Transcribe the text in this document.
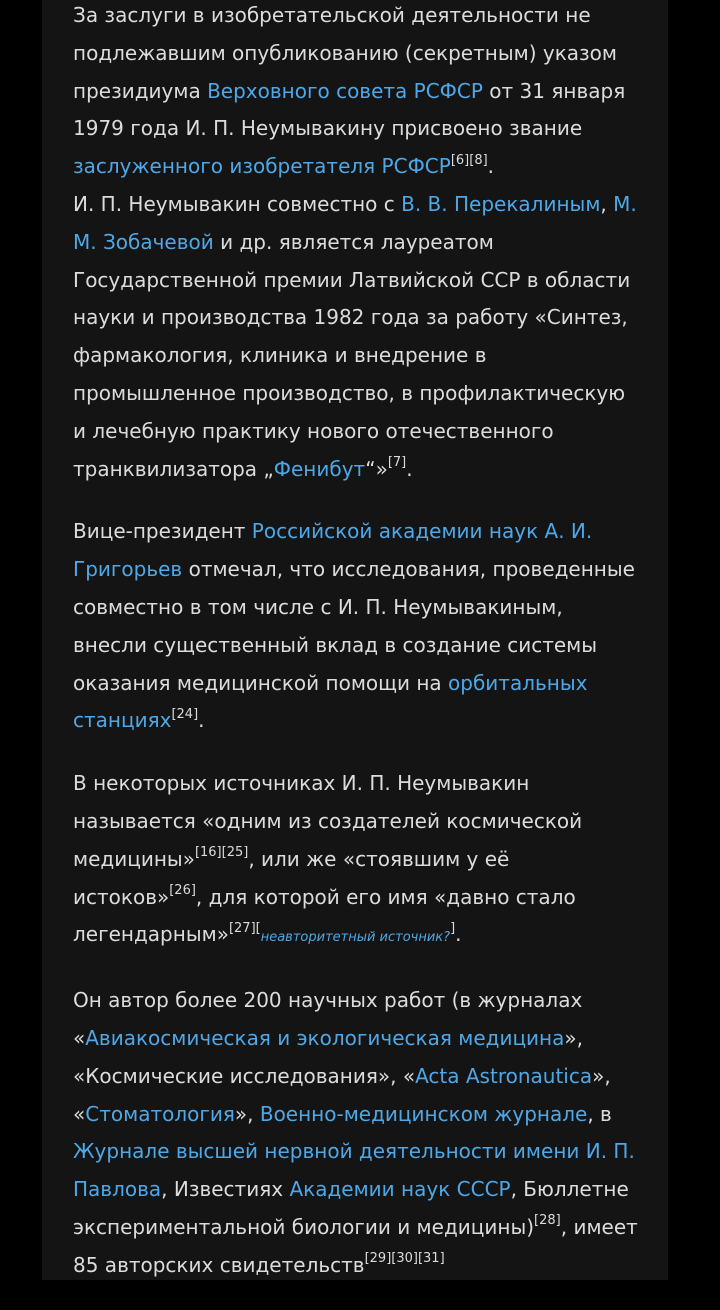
За заслуги в изобретательской деятельности не подлежавшим опубликованию (секретным) указом президиума Верховного совета РСФСР от 31 января 1979 года И. П. Неумывакину присвоено звание заслуженного изобретателя РСФСР[6][8].
И. П. Неумывакин совместно с В. В. Перекалиным, М. М. Зобачевой и др. является лауреатом Государственной премии Латвийской ССР в области науки и производства 1982 года за работу «Синтез, фармакология, клиника и внедрение в промышленное производство, в профилактическую и лечебную практику нового отечественного транквилизатора „Фенибут“»[7].

Вице-президент Российской академии наук А. И. Григорьев отмечал, что исследования, проведенные совместно в том числе с И. П. Неумывакиным, внесли существенный вклад в создание системы оказания медицинской помощи на орбитальных станциях[24].

В некоторых источниках И. П. Неумывакин называется «одним из создателей космической медицины»[16][25], или же «стоявшим у её истоков»[26], для которой его имя «давно стало легендарным»$^{[27][}$неавторитетный источник?].

Он автор более 200 научных работ (в журналах «Авиакосмическая и экологическая медицина», «Космические исследования», «Acta Astronautica», «Стоматология», Военно-медицинском журнале, в Журнале высшей нервной деятельности имени И. П. Павлова, Известиях Академии наук СССР, Бюллетне экспериментальной биологии и медицины)[28], имеет 85 авторских свидетельств[29][30][31]
